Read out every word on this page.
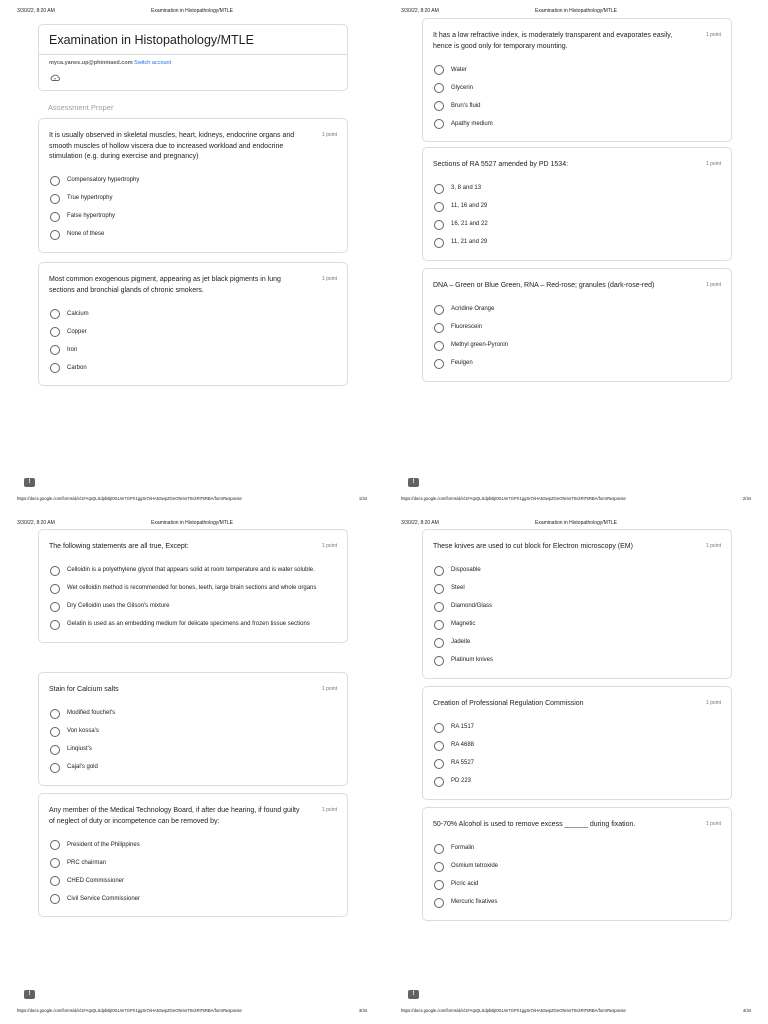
3/30/22, 8:20 AM	Examination in Histopathology/MTLE
Examination in Histopathology/MTLE
myca.yanes.up@phinmaed.com Switch account
Assessment Proper
It is usually observed in skeletal muscles, heart, kidneys, endocrine organs and smooth muscles of hollow viscera due to increased workload and endocrine stimulation (e.g. during exercise and pregnancy)
1 point
Compensatory hypertrophy
True hypertrophy
False hypertrophy
None of these
Most common exogenous pigment, appearing as jet black pigments in lung sections and bronchial glands of chronic smokers.
1 point
Calcium
Copper
Iron
Carbon
!
https://docs.google.com/forms/d/e/1FAIpQLSdpbBjI0GUm7GPX1ggXrOiHA5SwpZOeONmsT0v2RITsRBA/formResponse	1/34
3/30/22, 8:20 AM	Examination in Histopathology/MTLE
It has a low refractive index, is moderately transparent and evaporates easily, hence is good only for temporary mounting.
1 point
Water
Glycerin
Brun's fluid
Apathy medium
Sections of RA 5527 amended by PD 1534:	1 point
3, 8 and 13
11, 16 and 29
16, 21 and 22
11, 21 and 29
DNA – Green or Blue Green, RNA – Red-rose; granules (dark-rose-red)	1 point
Acridine Orange
Fluorescein
Methyl green-Pyronin
Feulgen
!
https://docs.google.com/forms/d/e/1FAIpQLSdpbBjI0GUm7GPX1ggXrOiHA5SwpZOeONmsT0v2RITsRBA/formResponse	2/34
3/30/22, 8:20 AM	Examination in Histopathology/MTLE
The following statements are all true, Except:	1 point
Celloidin is a polyethylene glycol that appears solid at room temperature and is water soluble.
Wet celloidin method is recommended for bones, teeth, large brain sections and whole organs
Dry Celloidin uses the Gilson's mixture
Gelatin is used as an embedding medium for delicate specimens and frozen tissue sections
Stain for Calcium salts	1 point
Modified fouchet's
Von kossa's
Linqiust's
Cajal's gold
Any member of the Medical Technology Board, if after due hearing, if found guilty of neglect of duty or incompetence can be removed by:
1 point
President of the Philippines
PRC chairman
CHED Commissioner
Civil Service Commissioner
!
https://docs.google.com/forms/d/e/1FAIpQLSdpbBjI0GUm7GPX1ggXrOiHA5SwpZOeONmsT0v2RITsRBA/formResponse	3/34
3/30/22, 8:20 AM	Examination in Histopathology/MTLE
These knives are used to cut block for Electron microscopy (EM)	1 point
Disposable
Steel
Diamond/Glass
Magnetic
Jadeite
Platinum knives
Creation of Professional Regulation Commission	1 point
RA 1517
RA 4688
RA 5527
PD 223
50-70% Alcohol is used to remove excess ______ during fixation.	1 point
Formalin
Osmium tetroxide
Picric acid
Mercuric fixatives
!
https://docs.google.com/forms/d/e/1FAIpQLSdpbBjI0GUm7GPX1ggXrOiHA5SwpZOeONmsT0v2RITsRBA/formResponse	4/34
